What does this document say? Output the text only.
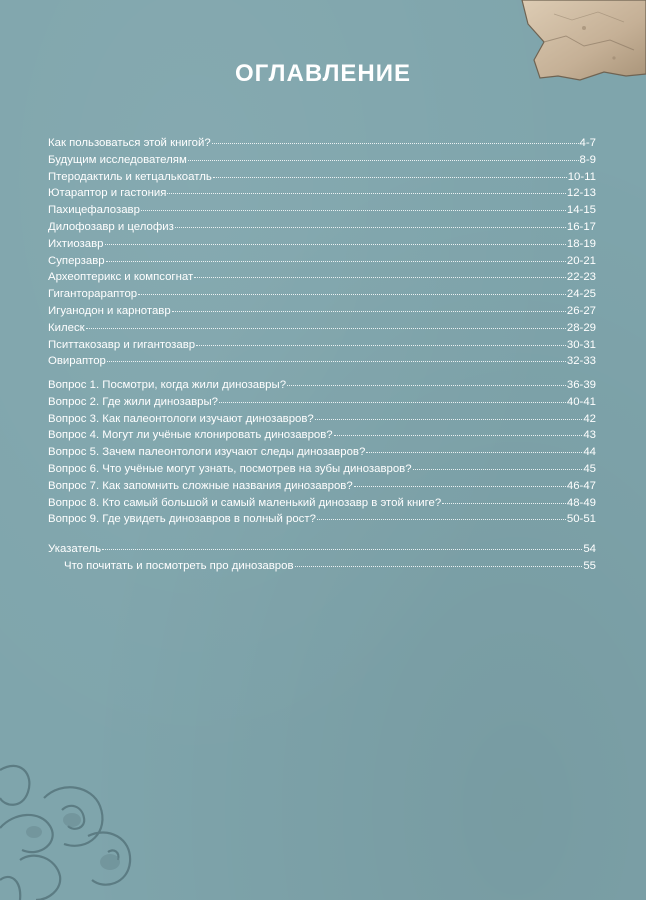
ОГЛАВЛЕНИЕ
Как пользоваться этой книгой?	4-7
Будущим исследователям	8-9
Птеродактиль и кетцалькоатль	10-11
Ютараптор и гастония	12-13
Пахицефалозавр	14-15
Дилофозавр и целофиз	16-17
Ихтиозавр	18-19
Суперзавр	20-21
Археоптерикс и компсогнат	22-23
Гиганторараптор	24-25
Игуанодон и карнотавр	26-27
Килеск	28-29
Пситтакозавр и гигантозавр	30-31
Овираптор	32-33
Вопрос 1. Посмотри, когда жили динозавры?	36-39
Вопрос 2. Где жили динозавры?	40-41
Вопрос 3. Как палеонтологи изучают динозавров?	42
Вопрос 4. Могут ли учёные клонировать динозавров?	43
Вопрос 5. Зачем палеонтологи изучают следы динозавров?	44
Вопрос 6. Что учёные могут узнать, посмотрев на зубы динозавров?	45
Вопрос 7. Как запомнить сложные названия динозавров?	46-47
Вопрос 8. Кто самый большой и самый маленький динозавр в этой книге?	48-49
Вопрос 9. Где увидеть динозавров в полный рост?	50-51
Указатель	54
Что почитать и посмотреть про динозавров	55
